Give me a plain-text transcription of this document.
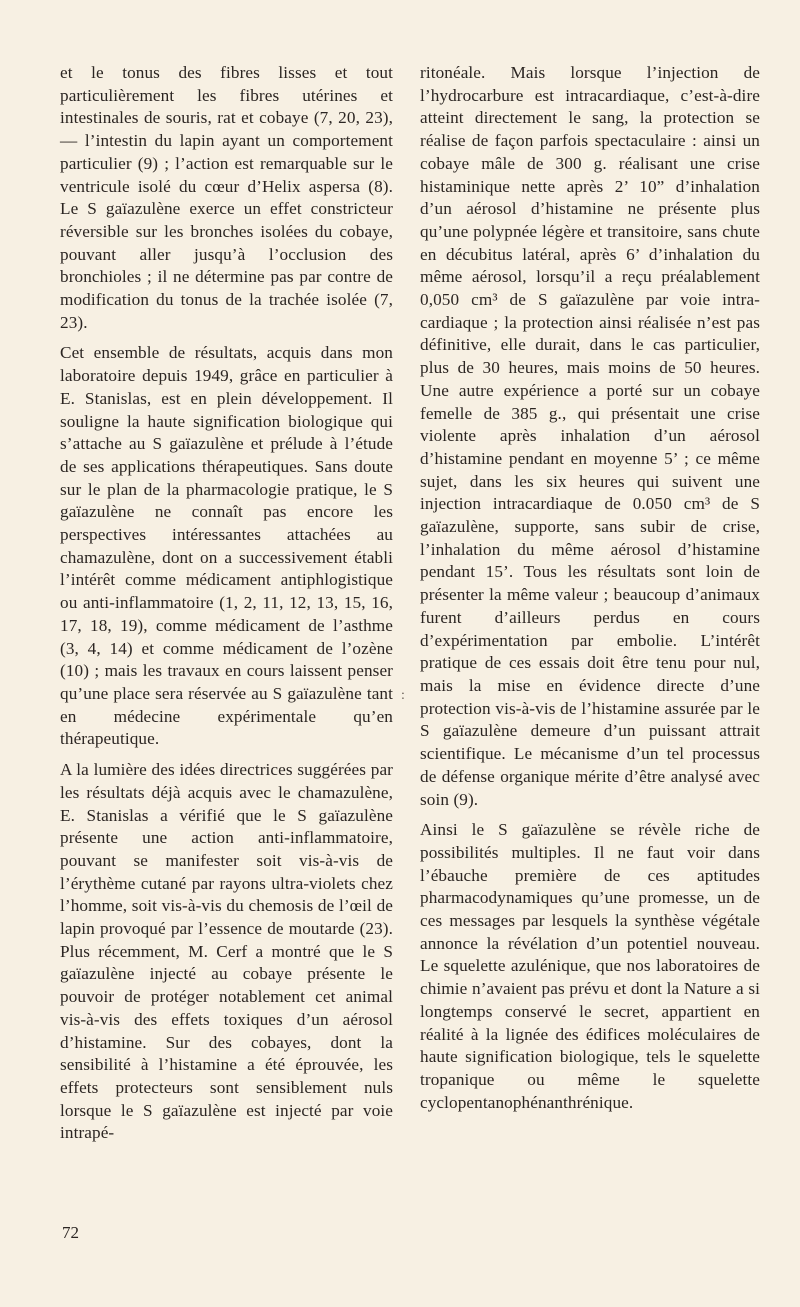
et le tonus des fibres lisses et tout particulièrement les fibres utérines et intestinales de souris, rat et cobaye (7, 20, 23), — l’intestin du lapin ayant un comportement particulier (9) ; l’action est remarquable sur le ventricule isolé du cœur d’Helix aspersa (8). Le S gaïazulène exerce un effet constricteur réversible sur les bronches isolées du cobaye, pouvant aller jusqu’à l’occlusion des bronchioles ; il ne détermine pas par contre de modification du tonus de la trachée isolée (7, 23).

Cet ensemble de résultats, acquis dans mon laboratoire depuis 1949, grâce en particulier à E. Stanislas, est en plein développement. Il souligne la haute signification biologique qui s’attache au S gaïazulène et prélude à l’étude de ses applications thérapeutiques. Sans doute sur le plan de la pharmacologie pratique, le S gaïazulène ne connaît pas encore les perspectives intéressantes attachées au chamazulène, dont on a successivement établi l’intérêt comme médicament antiphlogistique ou anti-inflammatoire (1, 2, 11, 12, 13, 15, 16, 17, 18, 19), comme médicament de l’asthme (3, 4, 14) et comme médicament de l’ozène (10) ; mais les travaux en cours laissent penser qu’une place sera réservée au S gaïazulène tant en médecine expérimentale qu’en thérapeutique.

A la lumière des idées directrices suggérées par les résultats déjà acquis avec le chamazulène, E. Stanislas a vérifié que le S gaïazulène présente une action anti-inflammatoire, pouvant se manifester soit vis-à-vis de l’érythème cutané par rayons ultra-violets chez l’homme, soit vis-à-vis du chemosis de l’œil de lapin provoqué par l’essence de moutarde (23). Plus récemment, M. Cerf a montré que le S gaïazulène injecté au cobaye présente le pouvoir de protéger notablement cet animal vis-à-vis des effets toxiques d’un aérosol d’histamine. Sur des cobayes, dont la sensibilité à l’histamine a été éprouvée, les effets protecteurs sont sensiblement nuls lorsque le S gaïazulène est injecté par voie intrapé-

ritonéale. Mais lorsque l’injection de l’hydrocarbure est intracardiaque, c’est-à-dire atteint directement le sang, la protection se réalise de façon parfois spectaculaire : ainsi un cobaye mâle de 300 g. réalisant une crise histaminique nette après 2’ 10” d’inhalation d’un aérosol d’histamine ne présente plus qu’une polypnée légère et transitoire, sans chute en décubitus latéral, après 6’ d’inhalation du même aérosol, lorsqu’il a reçu préalablement 0,050 cm³ de S gaïazulène par voie intra-cardiaque ; la protection ainsi réalisée n’est pas définitive, elle durait, dans le cas particulier, plus de 30 heures, mais moins de 50 heures. Une autre expérience a porté sur un cobaye femelle de 385 g., qui présentait une crise violente après inhalation d’un aérosol d’histamine pendant en moyenne 5’ ; ce même sujet, dans les six heures qui suivent une injection intracardiaque de 0.050 cm³ de S gaïazulène, supporte, sans subir de crise, l’inhalation du même aérosol d’histamine pendant 15’. Tous les résultats sont loin de présenter la même valeur ; beaucoup d’animaux furent d’ailleurs perdus en cours d’expérimentation par embolie. L’intérêt pratique de ces essais doit être tenu pour nul, mais la mise en évidence directe d’une protection vis-à-vis de l’histamine assurée par le S gaïazulène demeure d’un puissant attrait scientifique. Le mécanisme d’un tel processus de défense organique mérite d’être analysé avec soin (9).

Ainsi le S gaïazulène se révèle riche de possibilités multiples. Il ne faut voir dans l’ébauche première de ces aptitudes pharmacodynamiques qu’une promesse, un de ces messages par lesquels la synthèse végétale annonce la révélation d’un potentiel nouveau. Le squelette azulénique, que nos laboratoires de chimie n’avaient pas prévu et dont la Nature a si longtemps conservé le secret, appartient en réalité à la lignée des édifices moléculaires de haute signification biologique, tels le squelette tropanique ou même le squelette cyclopentanophénanthrénique.

:
72
